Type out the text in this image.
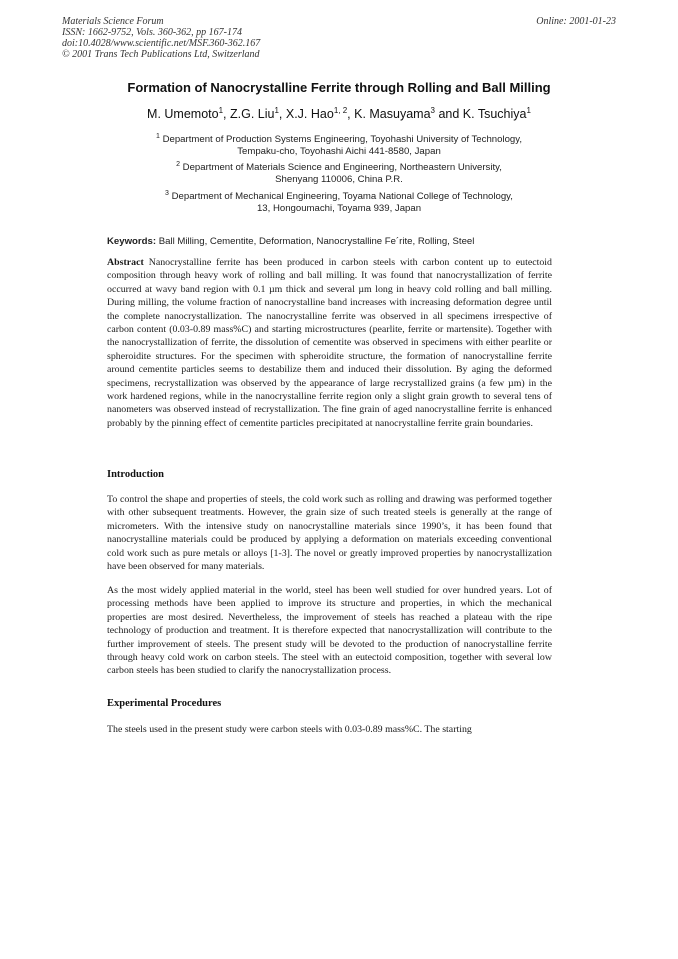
Materials Science Forum
ISSN: 1662-9752, Vols. 360-362, pp 167-174
doi:10.4028/www.scientific.net/MSF.360-362.167
© 2001 Trans Tech Publications Ltd, Switzerland
Online: 2001-01-23
Formation of Nanocrystalline Ferrite through Rolling and Ball Milling
M. Umemoto$^1$, Z.G. Liu$^1$, X.J. Hao$^{1, 2}$, K. Masuyama$^3$ and K. Tsuchiya$^1$
$^1$ Department of Production Systems Engineering, Toyohashi University of Technology,
Tempaku-cho, Toyohashi Aichi 441-8580, Japan
$^2$ Department of Materials Science and Engineering, Northeastern University,
Shenyang 110006, China P.R.
$^3$ Department of Mechanical Engineering, Toyama National College of Technology,
13, Hongoumachi, Toyama 939, Japan
Keywords: Ball Milling, Cementite, Deformation, Nanocrystalline Fe´rite, Rolling, Steel

Abstract Nanocrystalline ferrite has been produced in carbon steels with carbon content up to eutectoid composition through heavy work of rolling and ball milling. It was found that nanocrystallization of ferrite occurred at wavy band region with 0.1 µm thick and several µm long in heavy cold rolling and ball milling. During milling, the volume fraction of nanocrystalline band increases with increasing deformation degree until the complete nanocrystallization. The nanocrystalline ferrite was observed in all specimens irrespective of carbon content (0.03-0.89 mass%C) and starting microstructures (pearlite, ferrite or martensite). Together with the nanocrystallization of ferrite, the dissolution of cementite was observed in specimens with either pearlite or spheroidite structures. For the specimen with spheroidite structure, the formation of nanocrystalline ferrite around cementite particles seems to destabilize them and induced their dissolution. By aging the deformed specimens, recrystallization was observed by the appearance of large recrystallized grains (a few µm) in the work hardened regions, while in the nanocrystalline ferrite region only a slight grain growth to several tens of nanometers was observed instead of recrystallization. The fine grain of aged nanocrystalline ferrite is enhanced probably by the pinning effect of cementite particles precipitated at nanocrystalline ferrite grain boundaries.

Introduction

To control the shape and properties of steels, the cold work such as rolling and drawing was performed together with other subsequent treatments. However, the grain size of such treated steels is generally at the range of micrometers. With the intensive study on nanocrystalline materials since 1990’s, it has been found that nanocrystalline materials could be produced by applying a deformation on materials exceeding conventional cold work such as pure metals or alloys [1-3]. The novel or greatly improved properties by nanocrystallization have been observed for many materials.

As the most widely applied material in the world, steel has been well studied for over hundred years. Lot of processing methods have been applied to improve its structure and properties, in which the mechanical properties are most desired. Nevertheless, the improvement of steels has reached a plateau with the ripe technology of production and treatment. It is therefore expected that nanocrystallization will contribute to the further improvement of steels. The present study will be devoted to the production of nanocrystalline ferrite through heavy cold work on carbon steels. The steel with an eutectoid composition, together with several low carbon steels has been studied to clarify the nanocrystallization process.

Experimental Procedures

The steels used in the present study were carbon steels with 0.03-0.89 mass%C. The starting
